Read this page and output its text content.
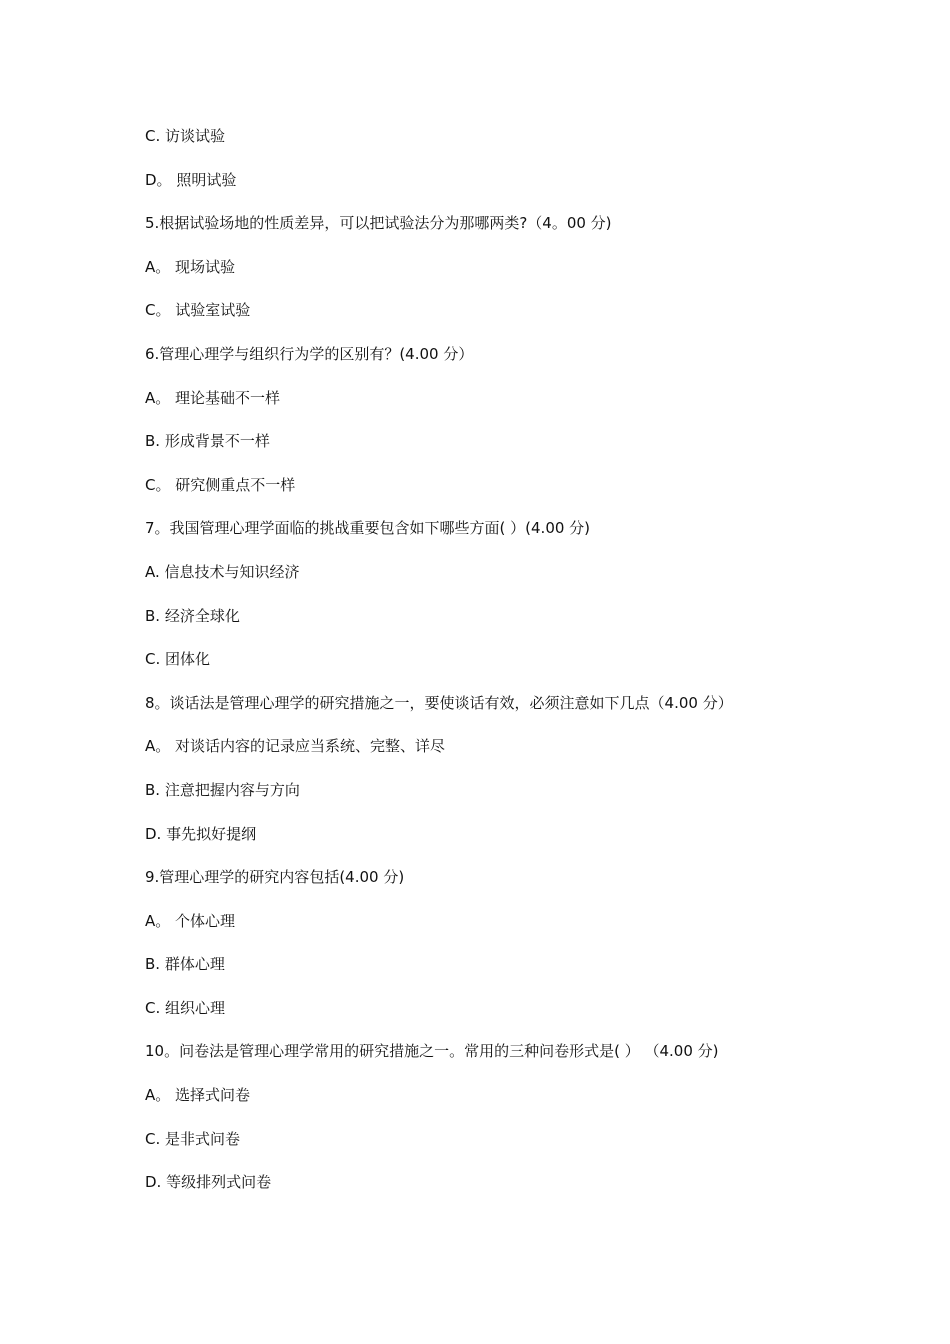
C. 访谈试验
D。 照明试验
5.根据试验场地的性质差异，可以把试验法分为那哪两类?（4。00 分)
A。 现场试验
C。 试验室试验
6.管理心理学与组织行为学的区别有？(4.00 分）
A。 理论基础不一样
B. 形成背景不一样
C。 研究侧重点不一样
7。我国管理心理学面临的挑战重要包含如下哪些方面( ）(4.00 分)
A. 信息技术与知识经济
B. 经济全球化
C. 团体化
8。谈话法是管理心理学的研究措施之一，要使谈话有效，必须注意如下几点（4.00 分）
A。 对谈话内容的记录应当系统、完整、详尽
B. 注意把握内容与方向
D. 事先拟好提纲
9.管理心理学的研究内容包括(4.00 分)
A。 个体心理
B. 群体心理
C. 组织心理
10。问卷法是管理心理学常用的研究措施之一。常用的三种问卷形式是( ） （4.00 分)
A。 选择式问卷
C. 是非式问卷
D. 等级排列式问卷
